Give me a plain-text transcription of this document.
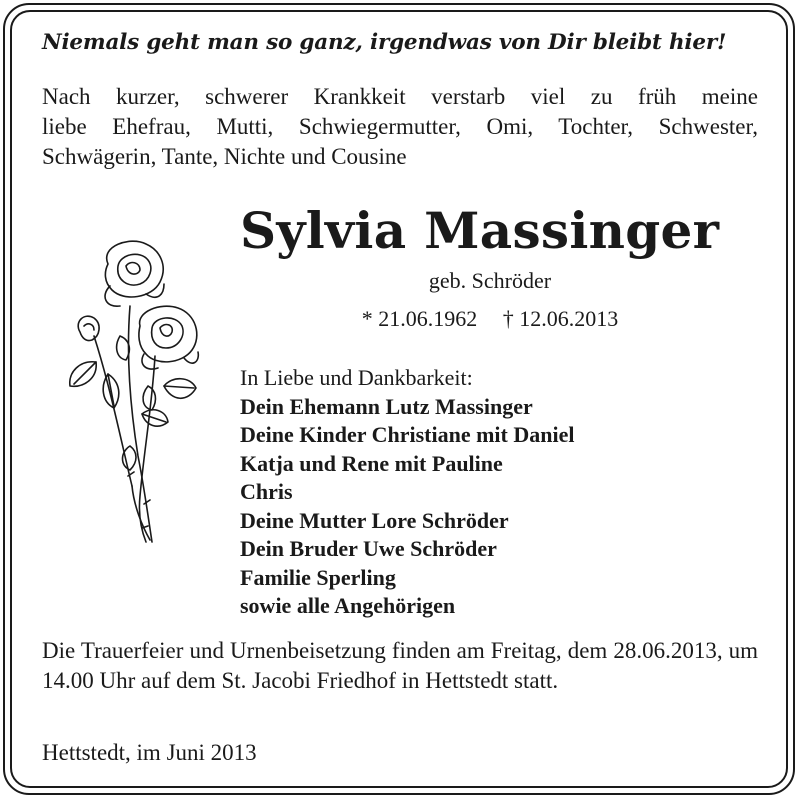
Niemals geht man so ganz, irgendwas von Dir bleibt hier!
Nach kurzer, schwerer Krankkeit verstarb viel zu früh meine
liebe Ehefrau, Mutti, Schwiegermutter, Omi, Tochter, Schwester,
Schwägerin, Tante, Nichte und Cousine
Sylvia Massinger
geb. Schröder
* 21.06.1962 † 12.06.2013
In Liebe und Dankbarkeit:
Dein Ehemann Lutz Massinger
Deine Kinder Christiane mit Daniel
Katja und Rene mit Pauline
Chris
Deine Mutter Lore Schröder
Dein Bruder Uwe Schröder
Familie Sperling
sowie alle Angehörigen

Die Trauerfeier und Urnenbeisetzung finden am Freitag, dem 28.06.2013, um 14.00 Uhr auf dem St. Jacobi Friedhof in Hettstedt statt.

Hettstedt, im Juni 2013
